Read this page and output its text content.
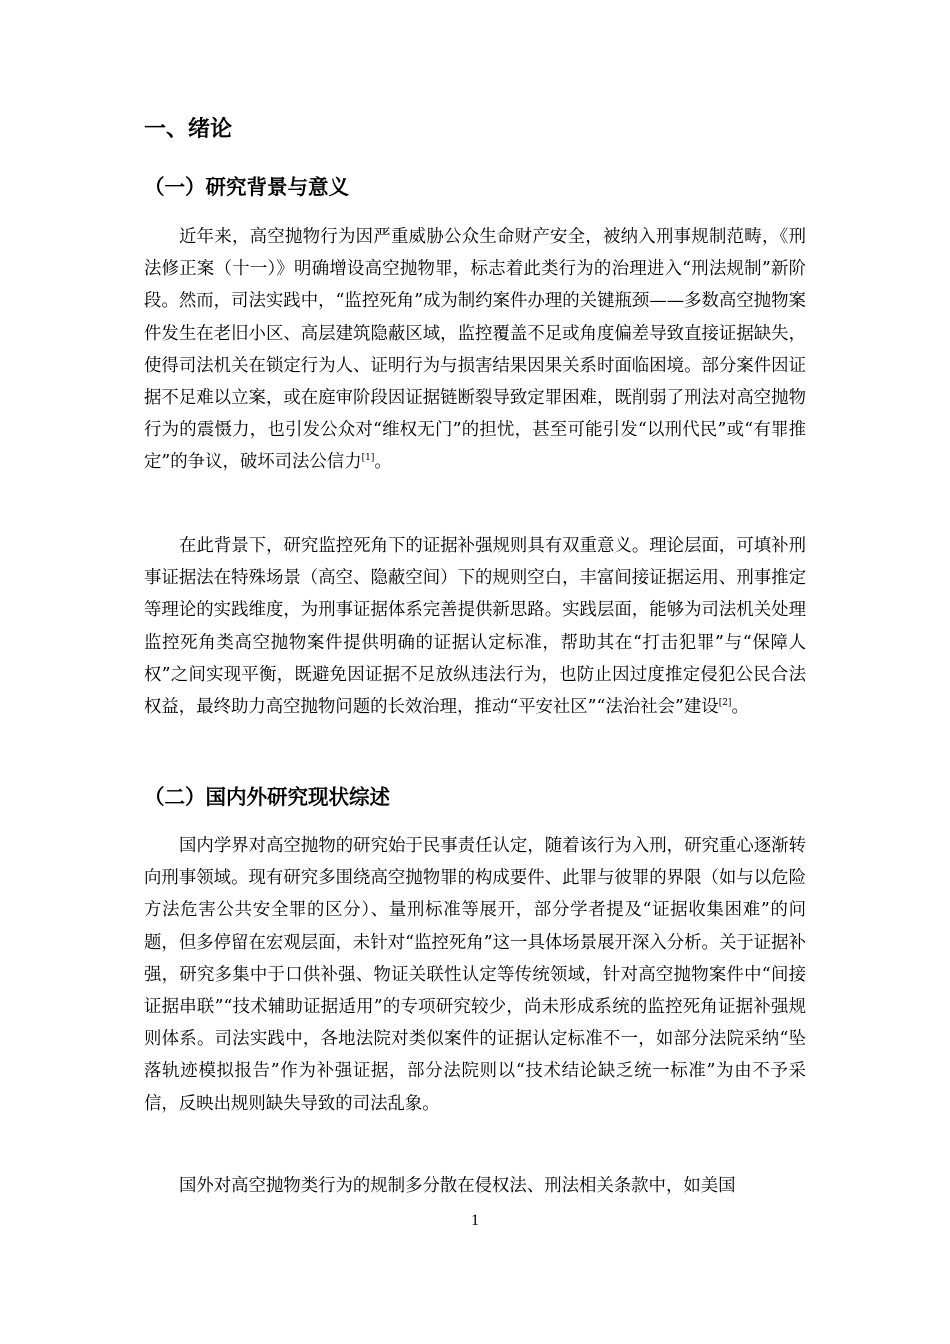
一、绪论
（一）研究背景与意义

近年来，高空抛物行为因严重威胁公众生命财产安全，被纳入刑事规制范畴，《刑法修正案（十一）》明确增设高空抛物罪，标志着此类行为的治理进入“刑法规制”新阶段。然而，司法实践中，“监控死角”成为制约案件办理的关键瓶颈——多数高空抛物案件发生在老旧小区、高层建筑隐蔽区域，监控覆盖不足或角度偏差导致直接证据缺失，使得司法机关在锁定行为人、证明行为与损害结果因果关系时面临困境。部分案件因证据不足难以立案，或在庭审阶段因证据链断裂导致定罪困难，既削弱了刑法对高空抛物行为的震慑力，也引发公众对“维权无门”的担忧，甚至可能引发“以刑代民”或“有罪推定”的争议，破坏司法公信力[1]。

在此背景下，研究监控死角下的证据补强规则具有双重意义。理论层面，可填补刑事证据法在特殊场景（高空、隐蔽空间）下的规则空白，丰富间接证据运用、刑事推定等理论的实践维度，为刑事证据体系完善提供新思路。实践层面，能够为司法机关处理监控死角类高空抛物案件提供明确的证据认定标准，帮助其在“打击犯罪”与“保障人权”之间实现平衡，既避免因证据不足放纵违法行为，也防止因过度推定侵犯公民合法权益，最终助力高空抛物问题的长效治理，推动“平安社区”“法治社会”建设[2]。

（二）国内外研究现状综述

国内学界对高空抛物的研究始于民事责任认定，随着该行为入刑，研究重心逐渐转向刑事领域。现有研究多围绕高空抛物罪的构成要件、此罪与彼罪的界限（如与以危险方法危害公共安全罪的区分）、量刑标准等展开，部分学者提及“证据收集困难”的问题，但多停留在宏观层面，未针对“监控死角”这一具体场景展开深入分析。关于证据补强，研究多集中于口供补强、物证关联性认定等传统领域，针对高空抛物案件中“间接证据串联”“技术辅助证据适用”的专项研究较少，尚未形成系统的监控死角证据补强规则体系。司法实践中，各地法院对类似案件的证据认定标准不一，如部分法院采纳“坠落轨迹模拟报告”作为补强证据，部分法院则以“技术结论缺乏统一标准”为由不予采信，反映出规则缺失导致的司法乱象。

国外对高空抛物类行为的规制多分散在侵权法、刑法相关条款中，如美国

1
